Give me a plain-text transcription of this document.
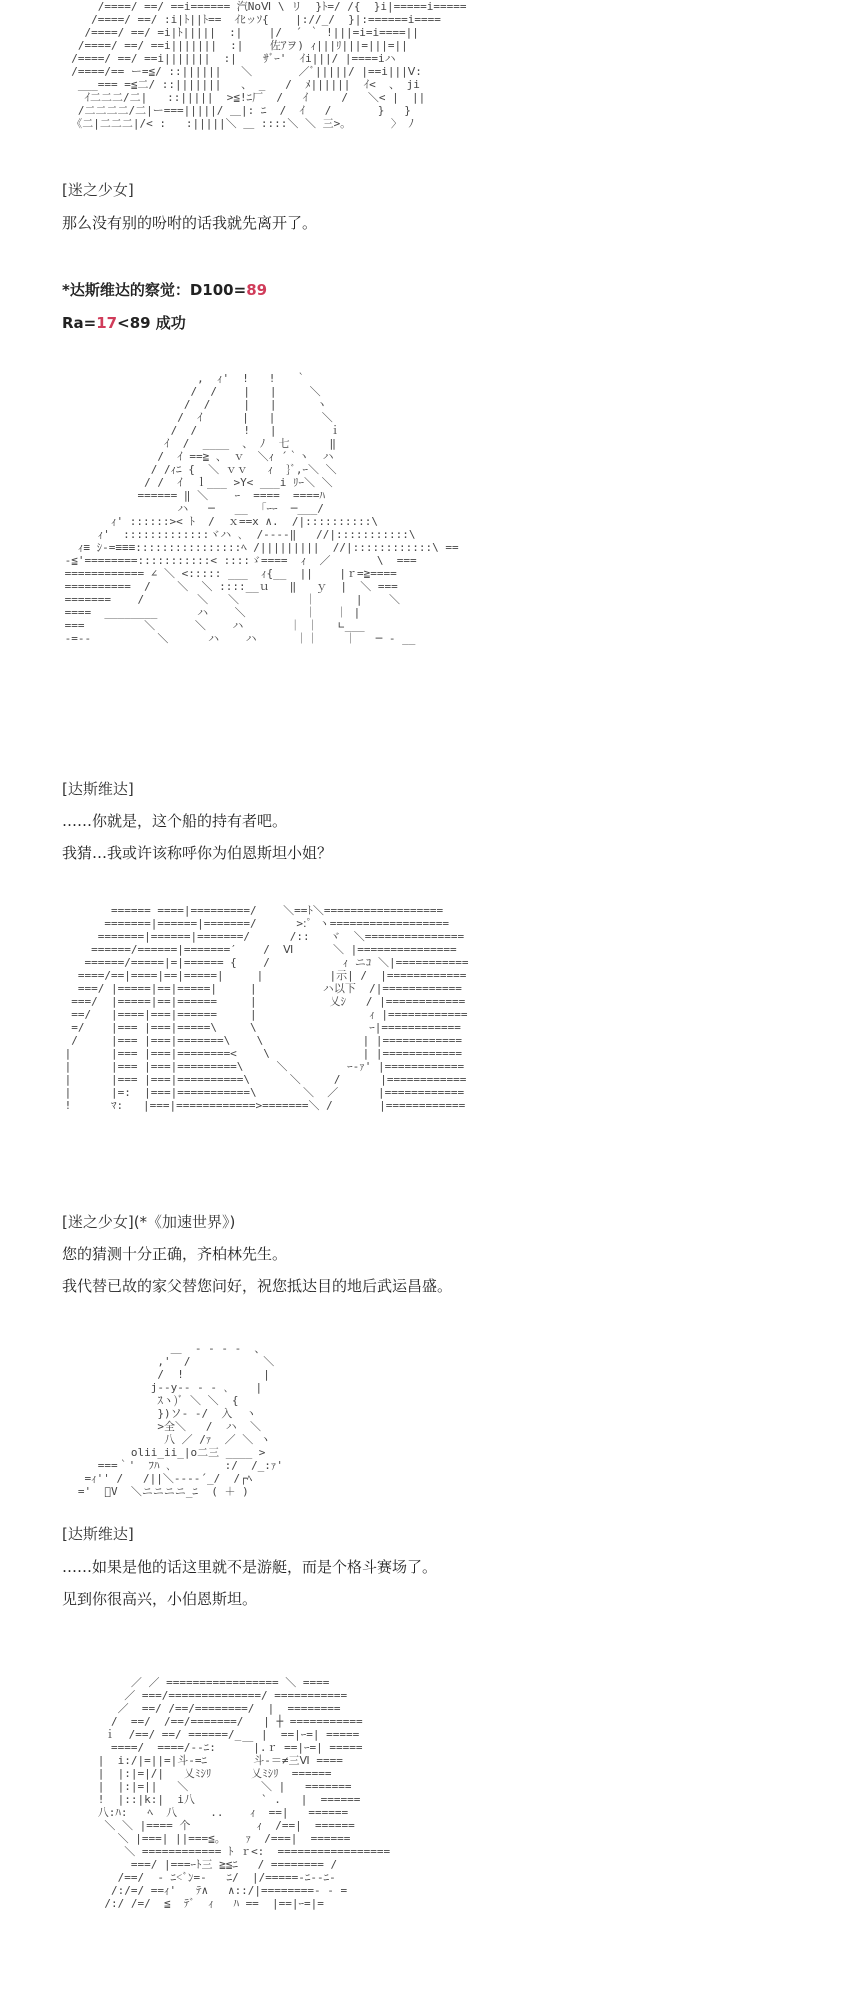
/====/ ==/ ==i====== 汽NoⅥ \ リ  }ﾄ=/ /{  }i|=====i=====
/====/ ==/ :i|ﾄ||ﾄ==  ｲﾋッｿ{    |://_/  }|:======i====
/====/ ==/ =i|ﾄ|||||  :|    |/  ´ ｀ !|||=i=i====||
/====/ ==/ ==i|||||||  :|    佐ｱヲ) ｨ|||ﾘ|||=|||=||
/====/ ==/ ==i|||||||  :|    ｻﾞｰ'  ｲi|||/ |====iハ
/====/== ー=≦/ ::||||||   ＼       ／ﾞ|||||/ |==i|||Ⅴ:
___=== =≦二/ ::|||||||   、 _   /  ﾒ||||||  ｲ<  、 ji
ｲ二二二/二|   ::|||||  >≦!ﾆ厂  /   ｲ     /   ＼< |  ||
/二二二二/二|ー===|||||/ ＿|: ﾆ  /  ｲ   /       }   }
《二|二二二|/< :   :|||||＼ ＿ ::::＼ ＼ 三>。      〉 ﾉ
[迷之少女]
那么没有别的吩咐的话我就先离开了。
*达斯维达的察觉：D100=89
Ra=17<89 成功
,  ｨ'  !   !   ｀
/  /    |   |     ＼
/  /     |   |      ヽ
/  ｲ      |   |       ＼
/  /       !   |        ｉ
ｲ  /  ____  、 ﾉ  七      ‖
/  ｲ ==≧ 、 ｖ  ＼ｨ ´｀ヽ  ハ
/ /ｨﾆ {  ＼ ｖｖ   ｨ  }ﾞ,ｰ＼ ＼
/ /  ｲ  ｌ___ >Y< ___i ﾘｰ＼ ＼
====== ‖ ＼    ｰ  ====  ====ﾊ
ハ   ─   __  ｢ｰｰ  ─___/
ｨ' ::::::>< ﾄ  /  ｘ==x ∧.  /|::::::::::\
ｨ'  :::::::::::::ヾハ ､  /----‖   //|:::::::::::\
ｨ≡ ｼ-=≡≡≡::::::::::::::::ﾍ /|||||||||  //|::::::::::::\ ==
-≦'========:::::::::::< ::::ゞ====  ｨ  ／       \  ===
============ ∠ ＼ <::::: ___  ｨ{__  ||    |ｒ=≧====
==========  /    ＼  ＼ ::::__ｕ   ‖   ｙ  |  ＼ ===
=======    /        ＼   ＼          ｜      |    ＼
====  ________      ハ    ＼         ｜   ｜ |
===         ＼      ＼    ハ       ｜ ｜   ∟___
-=--          ＼      ハ    ハ      ｜｜    ｜   ─ ‐ __
[达斯维达]
……你就是，这个船的持有者吧。
我猜…我或许该称呼你为伯恩斯坦小姐？
====== ====|=========/    ＼==ﾄ＼==================
=======|======|=======/      >:ﾟ ヽ==================
=======|======|=======/      /::   ヾ  ＼===============
======/======|=======′    /  Ⅵ      ＼ |===============
======/=====|=|====== {    /           ｨ ニｺ ＼|===========
====/==|====|==|=====|     |          |示| /  |============
===/ |=====|==|=====|     |          ハ以下  /|============
===/  |=====|==|======     |           乂ｼ   / |============
==/   |====|===|======     |                 ｨ |============
=/    |=== |===|=====\     \                 ｰ|============
/     |=== |===|=======\    \               | |============
|      |=== |===|========<    \              | |============
|      |=== |===|=========\     ＼         ｰ-ｧ' |============
|      |=== |===|==========\      ＼     /      |============
|      |=:  |===|===========\       ＼  ／      |============
!      ﾏ:   |===|============>=======＼ /       |============
[迷之少女](*《加速世界》)
您的猜测十分正确，齐柏林先生。
我代替已故的家父替您问好，祝您抵达目的地后武运昌盛。
＿  ‐ ‐ ‐ ‐  、
,'  /           ＼
/  !            |
j--y-- ‐ - ､    |
ｽヽ)ﾞ ＼ ＼  {
})ソ‐ ‐/  入  ヽ
>全＼   /  ハ  ＼
八 ／ /ｧ  ／ ＼ ヽ
olii_ii_|o二三 ____ >
===｀'  ﾌﾊ ､        :/  /_:ｧ'
=ｨ'' /   /||＼----´_/  /┌ﾍ
='  ﾞV  ＼ニニニニ_ﾆ  ( ＋ )
[达斯维达]
……如果是他的话这里就不是游艇，而是个格斗赛场了。
见到你很高兴，小伯恩斯坦。
／ ／ ================= ＼ ====
／ ===/==============/ ===========
／  ==/ /==/========/  |  ========
/  ==/  /==/=======/   | ┼ ===========
ｉ  /==/ ==/ ======/_   |  ==|ｰ=| =====
====/  ====/‐‐ﾆ:    ￣|.ｒ ==|ｰ=| =====
|  i:/|=||=|斗‐=ﾆ       斗‐＝≠三Ⅵ ====
|  |:|=|/|   乂ﾐｼﾘ      乂ﾐｼﾘ  ======
|  |:|=||   ＼           ＼ |   =======
!  |::|k:|  i八          ` .   |  ======
八:ﾊ:   ﾍ  八     ..    ｨ  ==|   ======
＼ ＼ |==== 个          ｨ  /==|  ======
＼ |===| ||===≦。   ｧ  /===|  ======
＼ ============ ﾄ ｒ<:  =================
===/ |===ｰﾄ三 ≧≦ﾆ   / ======== /
/==/  ‐ ﾆ<ﾞﾝ=-   ﾆ/  |/=====‐ﾆ-‐ﾆ‐
/:/=/ ==ｨ'   ﾃ∧   ∧::/|========‐ ‐ =
/:/ /=/  ≦  ﾃﾞ  ｨ   ﾊ ==  |==|ｰ=|=
